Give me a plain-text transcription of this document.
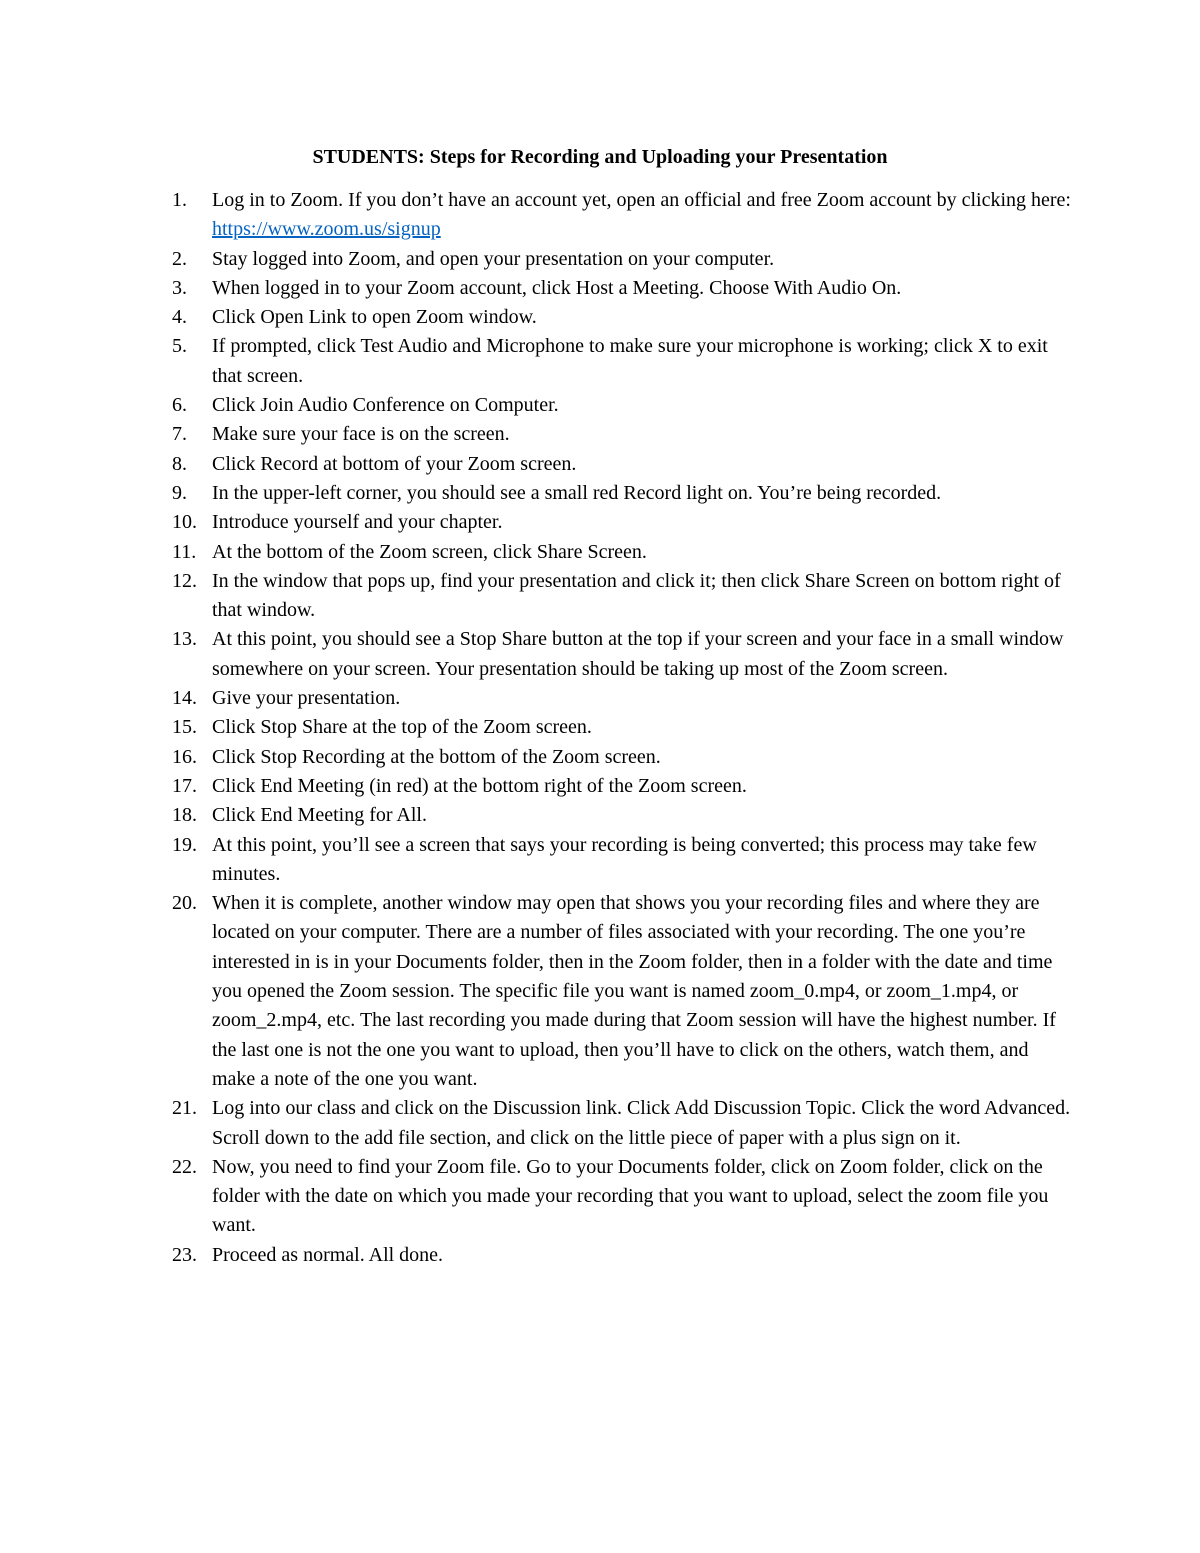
STUDENTS: Steps for Recording and Uploading your Presentation
1.	Log in to Zoom. If you don’t have an account yet, open an official and free Zoom account by clicking here: https://www.zoom.us/signup
2.	Stay logged into Zoom, and open your presentation on your computer.
3.	When logged in to your Zoom account, click Host a Meeting. Choose With Audio On.
4.	Click Open Link to open Zoom window.
5.	If prompted, click Test Audio and Microphone to make sure your microphone is working; click X to exit that screen.
6.	Click Join Audio Conference on Computer.
7.	Make sure your face is on the screen.
8.	Click Record at bottom of your Zoom screen.
9.	In the upper-left corner, you should see a small red Record light on. You’re being recorded.
10. Introduce yourself and your chapter.
11. At the bottom of the Zoom screen, click Share Screen.
12. In the window that pops up, find your presentation and click it; then click Share Screen on bottom right of that window.
13. At this point, you should see a Stop Share button at the top if your screen and your face in a small window somewhere on your screen. Your presentation should be taking up most of the Zoom screen.
14. Give your presentation.
15. Click Stop Share at the top of the Zoom screen.
16. Click Stop Recording at the bottom of the Zoom screen.
17. Click End Meeting (in red) at the bottom right of the Zoom screen.
18. Click End Meeting for All.
19. At this point, you’ll see a screen that says your recording is being converted; this process may take few minutes.
20. When it is complete, another window may open that shows you your recording files and where they are located on your computer. There are a number of files associated with your recording. The one you’re interested in is in your Documents folder, then in the Zoom folder, then in a folder with the date and time you opened the Zoom session. The specific file you want is named zoom_0.mp4, or zoom_1.mp4, or zoom_2.mp4, etc. The last recording you made during that Zoom session will have the highest number. If the last one is not the one you want to upload, then you’ll have to click on the others, watch them, and make a note of the one you want.
21. Log into our class and click on the Discussion link. Click Add Discussion Topic. Click the word Advanced. Scroll down to the add file section, and click on the little piece of paper with a plus sign on it.
22. Now, you need to find your Zoom file. Go to your Documents folder, click on Zoom folder, click on the folder with the date on which you made your recording that you want to upload, select the zoom file you want.
23. Proceed as normal. All done.
